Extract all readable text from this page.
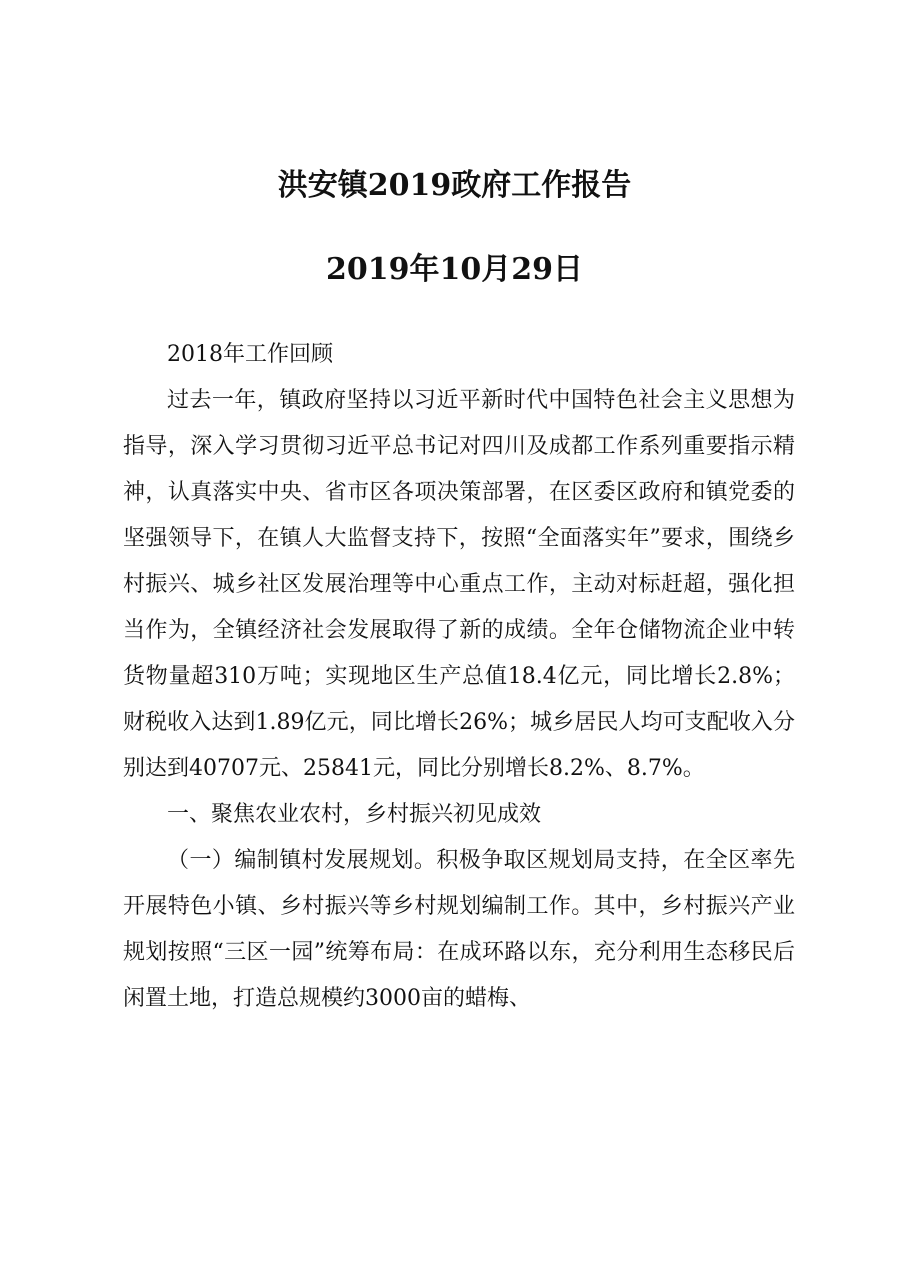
洪安镇2019政府工作报告
2019年10月29日

2018年工作回顾

过去一年，镇政府坚持以习近平新时代中国特色社会主义思想为指导，深入学习贯彻习近平总书记对四川及成都工作系列重要指示精神，认真落实中央、省市区各项决策部署，在区委区政府和镇党委的坚强领导下，在镇人大监督支持下，按照“全面落实年”要求，围绕乡村振兴、城乡社区发展治理等中心重点工作，主动对标赶超，强化担当作为，全镇经济社会发展取得了新的成绩。全年仓储物流企业中转货物量超310万吨；实现地区生产总值18.4亿元，同比增长2.8%；财税收入达到1.89亿元，同比增长26%；城乡居民人均可支配收入分别达到40707元、25841元，同比分别增长8.2%、8.7%。

一、聚焦农业农村，乡村振兴初见成效

（一）编制镇村发展规划。积极争取区规划局支持，在全区率先开展特色小镇、乡村振兴等乡村规划编制工作。其中，乡村振兴产业规划按照“三区一园”统筹布局：在成环路以东，充分利用生态移民后闲置土地，打造总规模约3000亩的蜡梅、
